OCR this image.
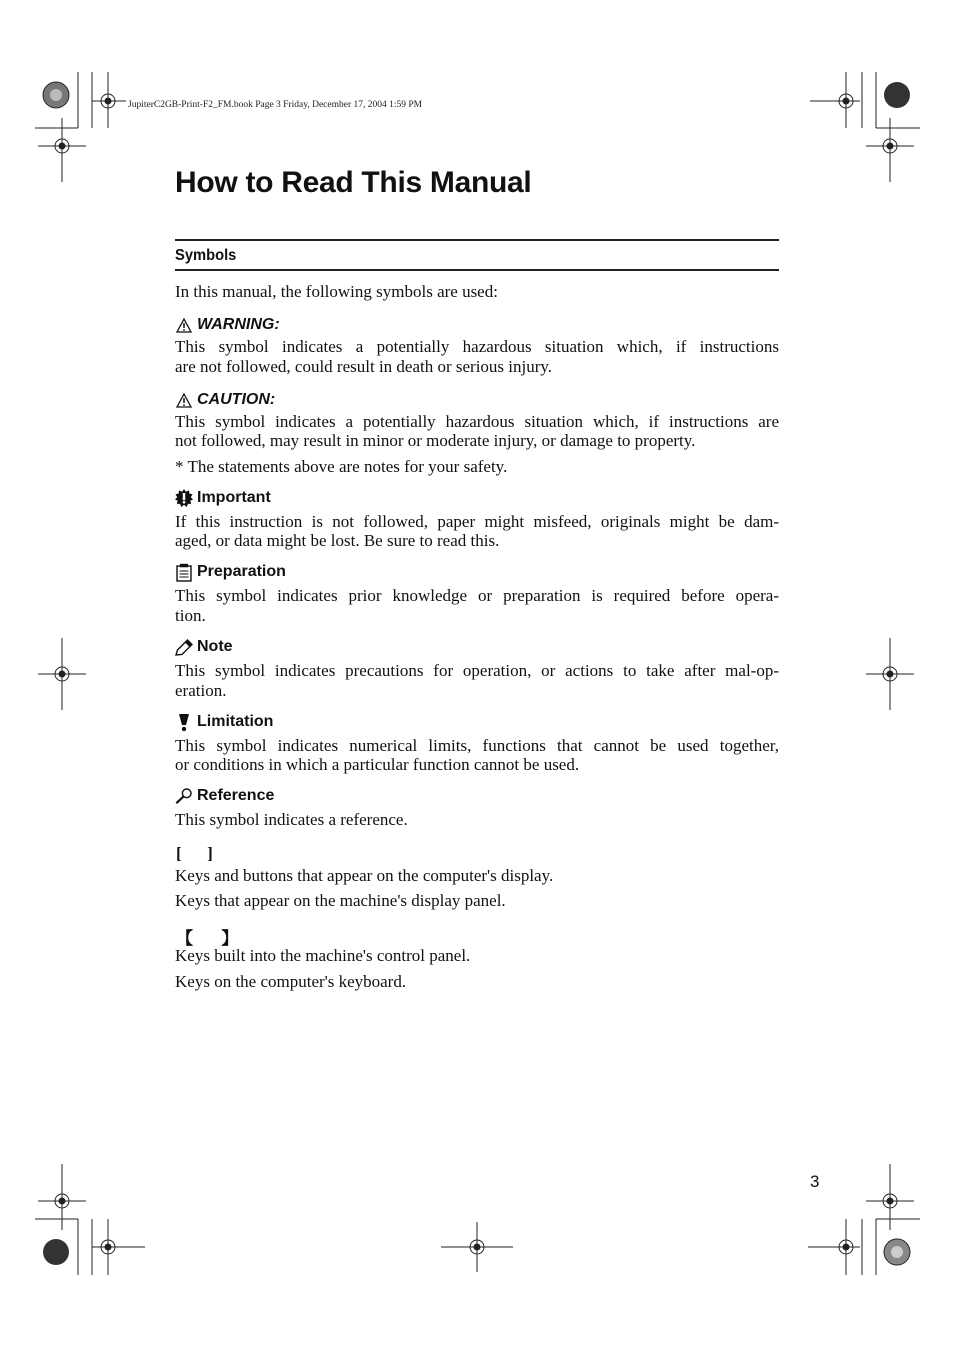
JupiterC2GB-Print-F2_FM.book Page 3 Friday, December 17, 2004 1:59 PM
How to Read This Manual
Symbols
In this manual, the following symbols are used:
WARNING:
This symbol indicates a potentially hazardous situation which, if instructions
are not followed, could result in death or serious injury.
CAUTION:
This symbol indicates a potentially hazardous situation which, if instructions are
not followed, may result in minor or moderate injury, or damage to property.
* The statements above are notes for your safety.
Important
If this instruction is not followed, paper might misfeed, originals might be dam-
aged, or data might be lost. Be sure to read this.
Preparation
This symbol indicates prior knowledge or preparation is required before opera-
tion.
Note
This symbol indicates precautions for operation, or actions to take after mal-op-
eration.
Limitation
This symbol indicates numerical limits, functions that cannot be used together,
or conditions in which a particular function cannot be used.
Reference
This symbol indicates a reference.
[      ]
Keys and buttons that appear on the computer's display.
Keys that appear on the machine's display panel.
【      】
Keys built into the machine's control panel.
Keys on the computer's keyboard.
3
